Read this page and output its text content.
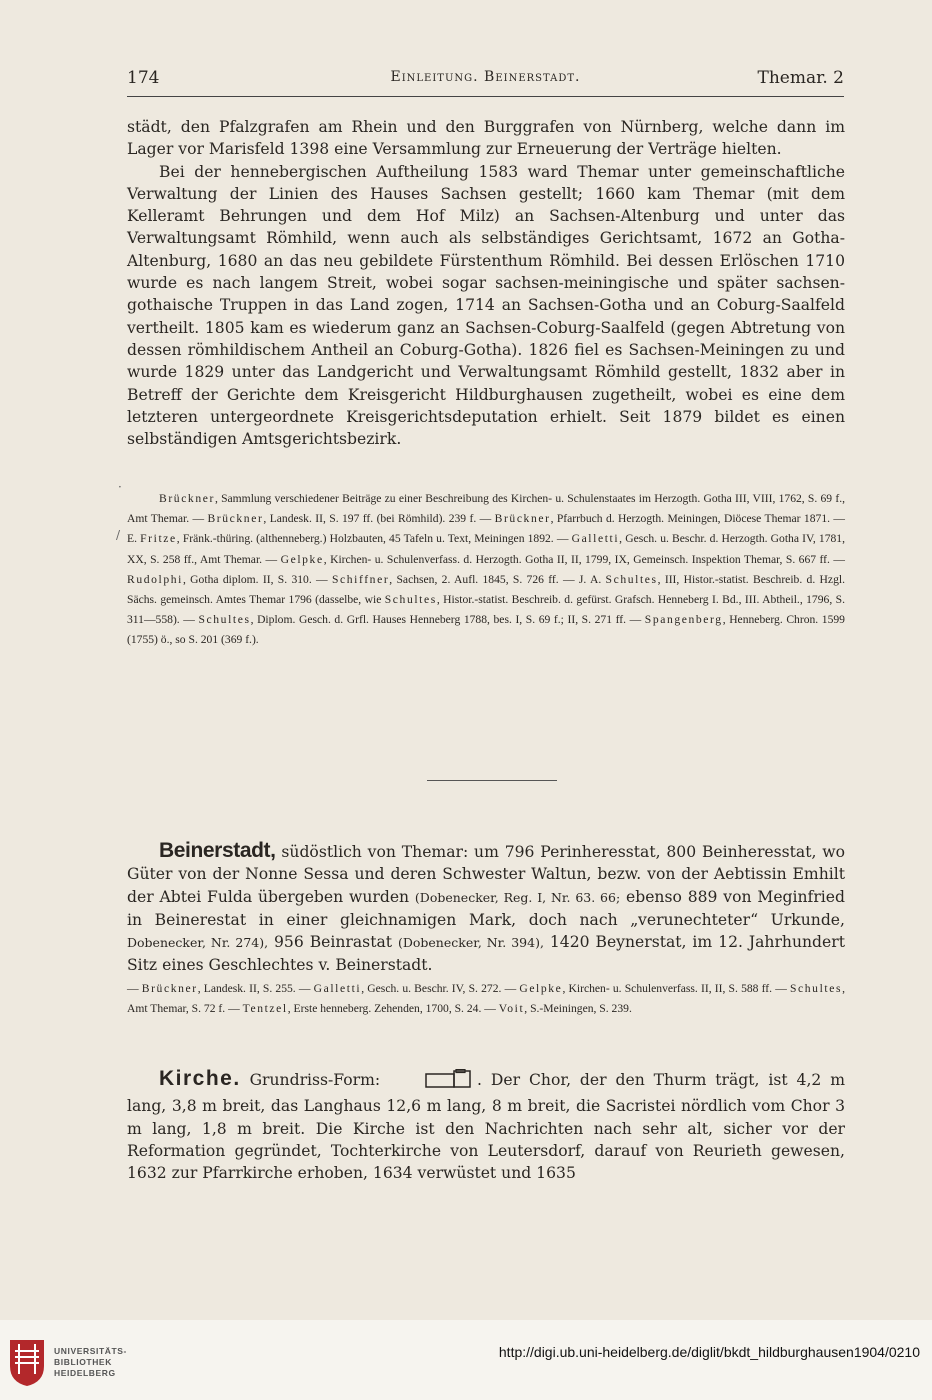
174	Einleitung. Beinerstadt.	Themar. 2

städt, den Pfalzgrafen am Rhein und den Burggrafen von Nürnberg, welche dann im Lager vor Marisfeld 1398 eine Versammlung zur Erneuerung der Verträge hielten.

Bei der hennebergischen Auftheilung 1583 ward Themar unter gemeinschaftliche Verwaltung der Linien des Hauses Sachsen gestellt; 1660 kam Themar (mit dem Kelleramt Behrungen und dem Hof Milz) an Sachsen-Altenburg und unter das Verwaltungsamt Römhild, wenn auch als selbständiges Gerichtsamt, 1672 an Gotha-Altenburg, 1680 an das neu gebildete Fürstenthum Römhild. Bei dessen Erlöschen 1710 wurde es nach langem Streit, wobei sogar sachsen-meiningische und später sachsen-gothaische Truppen in das Land zogen, 1714 an Sachsen-Gotha und an Coburg-Saalfeld vertheilt. 1805 kam es wiederum ganz an Sachsen-Coburg-Saalfeld (gegen Abtretung von dessen römhildischem Antheil an Coburg-Gotha). 1826 fiel es Sachsen-Meiningen zu und wurde 1829 unter das Landgericht und Verwaltungsamt Römhild gestellt, 1832 aber in Betreff der Gerichte dem Kreisgericht Hildburghausen zugetheilt, wobei es eine dem letzteren untergeordnete Kreisgerichtsdeputation erhielt. Seit 1879 bildet es einen selbständigen Amtsgerichtsbezirk.

Brückner, Sammlung verschiedener Beiträge zu einer Beschreibung des Kirchen- u. Schulenstaates im Herzogth. Gotha III, VIII, 1762, S. 69 f., Amt Themar. — Brückner, Landesk. II, S. 197 ff. (bei Römhild). 239 f. — Brückner, Pfarrbuch d. Herzogth. Meiningen, Diöcese Themar 1871. — E. Fritze, Fränk.-thüring. (althenneberg.) Holzbauten, 45 Tafeln u. Text, Meiningen 1892. — Galletti, Gesch. u. Beschr. d. Herzogth. Gotha IV, 1781, XX, S. 258 ff., Amt Themar. — Gelpke, Kirchen- u. Schulenverfass. d. Herzogth. Gotha II, II, 1799, IX, Gemeinsch. Inspektion Themar, S. 667 ff. — Rudolphi, Gotha diplom. II, S. 310. — Schiffner, Sachsen, 2. Aufl. 1845, S. 726 ff. — J. A. Schultes, III, Histor.-statist. Beschreib. d. Hzgl. Sächs. gemeinsch. Amtes Themar 1796 (dasselbe, wie Schultes, Histor.-statist. Beschreib. d. gefürst. Grafsch. Henneberg I. Bd., III. Abtheil., 1796, S. 311—558). — Schultes, Diplom. Gesch. d. Grfl. Hauses Henneberg 1788, bes. I, S. 69 f.; II, S. 271 ff. — Spangenberg, Henneberg. Chron. 1599 (1755) ö., so S. 201 (369 f.).

Beinerstadt, südöstlich von Themar: um 796 Perinheresstat, 800 Beinheresstat, wo Güter von der Nonne Sessa und deren Schwester Waltun, bezw. von der Aebtissin Emhilt der Abtei Fulda übergeben wurden (Dobenecker, Reg. I, Nr. 63. 66; ebenso 889 von Meginfried in Beinerestat in einer gleichnamigen Mark, doch nach „verunechteter“ Urkunde, Dobenecker, Nr. 274), 956 Beinrastat (Dobenecker, Nr. 394), 1420 Beynerstat, im 12. Jahrhundert Sitz eines Geschlechtes v. Beinerstadt.

— Brückner, Landesk. II, S. 255. — Galletti, Gesch. u. Beschr. IV, S. 272. — Gelpke, Kirchen- u. Schulenverfass. II, II, S. 588 ff. — Schultes, Amt Themar, S. 72 f. — Tentzel, Erste henneberg. Zehenden, 1700, S. 24. — Voit, S.-Meiningen, S. 239.

Kirche. Grundriss-Form:	. Der Chor, der den Thurm trägt, ist 4,2 m lang, 3,8 m breit, das Langhaus 12,6 m lang, 8 m breit, die Sacristei nördlich vom Chor 3 m lang, 1,8 m breit. Die Kirche ist den Nachrichten nach sehr alt, sicher vor der Reformation gegründet, Tochterkirche von Leutersdorf, darauf von Reurieth gewesen, 1632 zur Pfarrkirche erhoben, 1634 verwüstet und 1635

·
/
UNIVERSITÄTS-
BIBLIOTHEK
HEIDELBERG
http://digi.ub.uni-heidelberg.de/diglit/bkdt_hildburghausen1904/0210
